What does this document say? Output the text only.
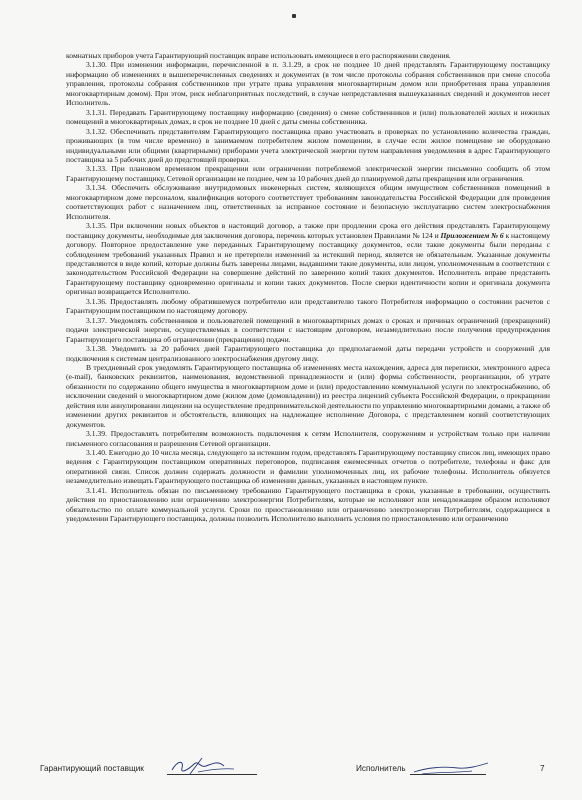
комнатных приборов учета Гарантирующий поставщик вправе использовать имеющиеся в его распоряжении сведения.

3.1.30. При изменении информации, перечисленной в п. 3.1.29, в срок не позднее 10 дней представлять Гарантирующему поставщику информацию об изменениях в вышеперечисленных сведениях и документах (в том числе протоколы собрания собственников при смене способа управления, протоколы собрания собственников при утрате права управления многоквартирным домом или приобретения права управления многоквартирным домом). При этом, риск неблагоприятных последствий, в случае непредставления вышеуказанных сведений и документов несет Исполнитель.

3.1.31. Передавать Гарантирующему поставщику информацию (сведения) о смене собственников и (или) пользователей жилых и нежилых помещений в многоквартирных домах, в срок не позднее 10 дней с даты смены собственника.

3.1.32. Обеспечивать представителям Гарантирующего поставщика право участвовать в проверках по установлению количества граждан, проживающих (в том числе временно) в занимаемом потребителем жилом помещении, в случае если жилое помещение не оборудовано индивидуальными или общими (квартирными) приборами учета электрической энергии путем направления уведомления в адрес Гарантирующего поставщика за 5 рабочих дней до предстоящей проверки.

3.1.33. При плановом временном прекращении или ограничении потребляемой электрической энергии письменно сообщить об этом Гарантирующему поставщику, Сетевой организации не позднее, чем за 10 рабочих дней до планируемой даты прекращения или ограничения.

3.1.34. Обеспечить обслуживание внутридомовых инженерных систем, являющихся общим имуществом собственников помещений в многоквартирном доме персоналом, квалификация которого соответствует требованиям законодательства Российской Федерации для проведения соответствующих работ с назначением лиц, ответственных за исправное состояние и безопасную эксплуатацию систем электроснабжения Исполнителя.

3.1.35. При включении новых объектов в настоящий договор, а также при продлении срока его действия представлять Гарантирующему поставщику документы, необходимые для заключения договора, перечень которых установлен Правилами № 124 и Приложением № 6 к настоящему договору. Повторное предоставление уже переданных Гарантирующему поставщику документов, если такие документы были переданы с соблюдением требований указанных Правил и не претерпели изменений за истекший период, является не обязательным. Указанные документы представляются в виде копий, которые должны быть заверены лицами, выдавшими такие документы, или лицом, уполномоченным в соответствии с законодательством Российской Федерации на совершение действий по заверению копий таких документов. Исполнитель вправе представить Гарантирующему поставщику одновременно оригиналы и копии таких документов. После сверки идентичности копии и оригинала документа оригинал возвращается Исполнителю.

3.1.36. Предоставлять любому обратившемуся потребителю или представителю такого Потребителя информацию о состоянии расчетов с Гарантирующим поставщиком по настоящему договору.

3.1.37. Уведомлять собственников и пользователей помещений в многоквартирных домах о сроках и причинах ограничений (прекращений) подачи электрической энергии, осуществляемых в соответствии с настоящим договором, незамедлительно после получения предупреждения Гарантирующего поставщика об ограничении (прекращении) подачи.

3.1.38. Уведомить за 20 рабочих дней Гарантирующего поставщика до предполагаемой даты передачи устройств и сооружений для подключения к системам централизованного электроснабжения другому лицу.

В трехдневный срок уведомлять Гарантирующего поставщика об изменениях места нахождения, адреса для переписки, электронного адреса (e-mail), банковских реквизитов, наименования, ведомственной принадлежности и (или) формы собственности, реорганизации, об утрате обязанности по содержанию общего имущества в многоквартирном доме и (или) предоставлению коммунальной услуги по электроснабжению, об исключении сведений о многоквартирном доме (жилом доме (домовладении)) из реестра лицензий субъекта Российской Федерации, о прекращении действия или аннулировании лицензии на осуществление предпринимательской деятельности по управлению многоквартирными домами, а также об изменении других реквизитов и обстоятельств, влияющих на надлежащее исполнение Договора, с представлением копий соответствующих документов.

3.1.39. Предоставлять потребителям возможность подключения к сетям Исполнителя, сооружениям и устройствам только при наличии письменного согласования и разрешения Сетевой организации.

3.1.40. Ежегодно до 10 числа месяца, следующего за истекшим годом, представлять Гарантирующему поставщику список лиц, имеющих право ведения с Гарантирующим поставщиком оперативных переговоров, подписания ежемесячных отчетов о потребителе, телефоны и факс для оперативной связи. Список должен содержать должности и фамилии уполномоченных лиц, их рабочие телефоны. Исполнитель обязуется незамедлительно извещать Гарантирующего поставщика об изменении данных, указанных в настоящем пункте.

3.1.41. Исполнитель обязан по письменному требованию Гарантирующего поставщика в сроки, указанные в требовании, осуществить действия по приостановлению или ограничению электроэнергии Потребителям, которые не исполняют или ненадлежащим образом исполняют обязательство по оплате коммунальной услуги. Сроки по приостановлению или ограничению электроэнергии Потребителям, содержащиеся в уведомлении Гарантирующего поставщика, должны позволить Исполнителю выполнить условия по приостановлению или ограничению

Гарантирующий поставщик	Исполнитель	7
